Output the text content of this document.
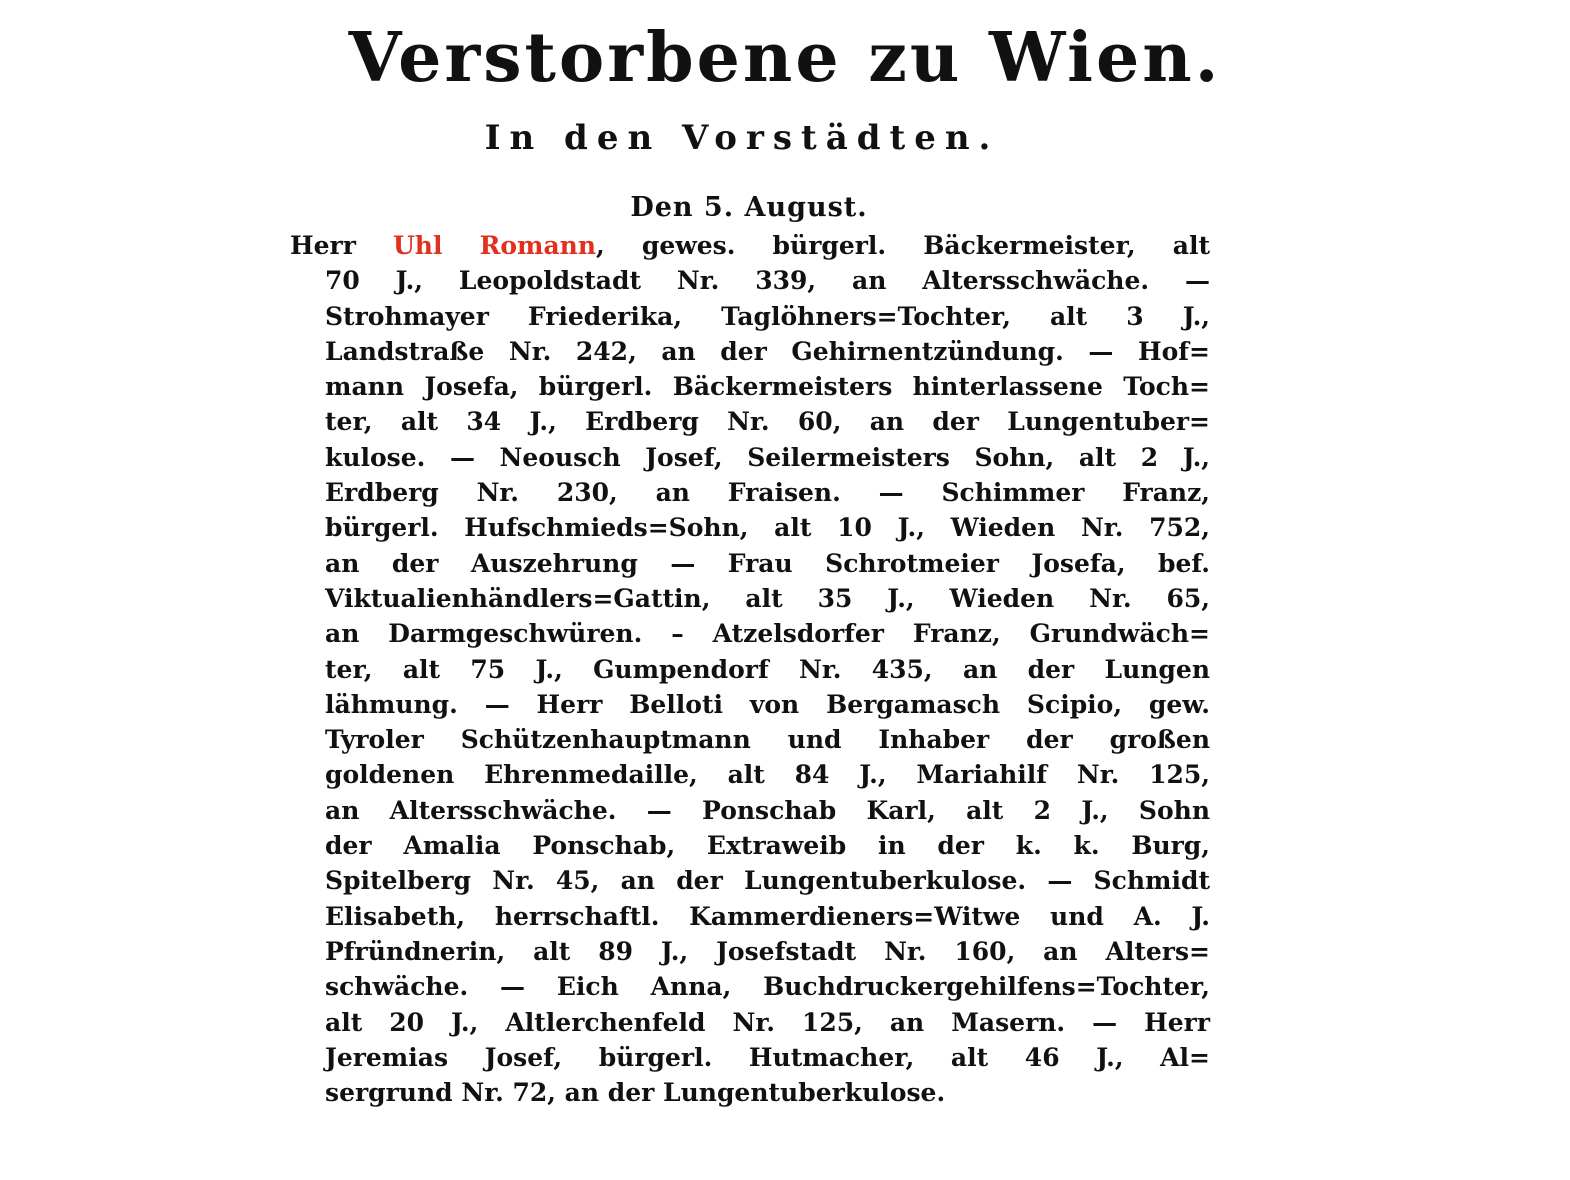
Verstorbene zu Wien.
In den Vorstädten.
Den 5. August.
Herr Uhl Romann, gewes. bürgerl. Bäckermeister, alt
70 J., Leopoldstadt Nr. 339, an Altersschwäche. —
Strohmayer Friederika, Taglöhners=Tochter, alt 3 J.,
Landstraße Nr. 242, an der Gehirnentzündung. — Hof=
mann Josefa, bürgerl. Bäckermeisters hinterlassene Toch=
ter, alt 34 J., Erdberg Nr. 60, an der Lungentuber=
kulose. — Neousch Josef, Seilermeisters Sohn, alt 2 J.,
Erdberg Nr. 230, an Fraisen. — Schimmer Franz,
bürgerl. Hufschmieds=Sohn, alt 10 J., Wieden Nr. 752,
an der Auszehrung — Frau Schrotmeier Josefa, bef.
Viktualienhändlers=Gattin, alt 35 J., Wieden Nr. 65,
an Darmgeschwüren. – Atzelsdorfer Franz, Grundwäch=
ter, alt 75 J., Gumpendorf Nr. 435, an der Lungen
lähmung. — Herr Belloti von Bergamasch Scipio, gew.
Tyroler Schützenhauptmann und Inhaber der großen
goldenen Ehrenmedaille, alt 84 J., Mariahilf Nr. 125,
an Altersschwäche. — Ponschab Karl, alt 2 J., Sohn
der Amalia Ponschab, Extraweib in der k. k. Burg,
Spitelberg Nr. 45, an der Lungentuberkulose. — Schmidt
Elisabeth, herrschaftl. Kammerdieners=Witwe und A. J.
Pfründnerin, alt 89 J., Josefstadt Nr. 160, an Alters=
schwäche. — Eich Anna, Buchdruckergehilfens=Tochter,
alt 20 J., Altlerchenfeld Nr. 125, an Masern. — Herr
Jeremias Josef, bürgerl. Hutmacher, alt 46 J., Al=
sergrund Nr. 72, an der Lungentuberkulose.
